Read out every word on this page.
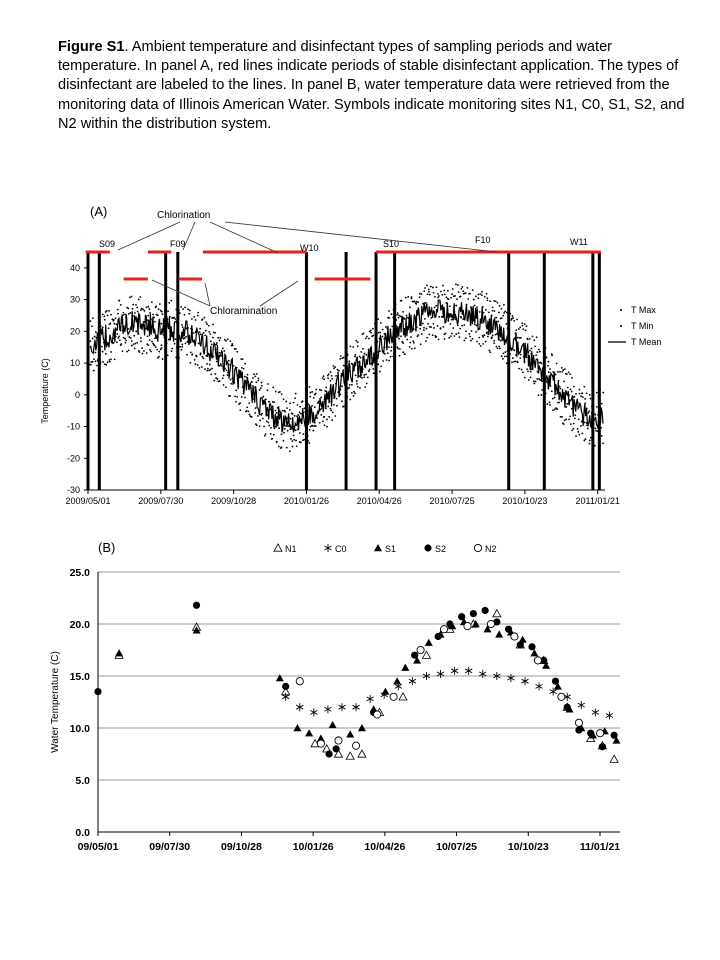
Figure S1. Ambient temperature and disinfectant types of sampling periods and water temperature. In panel A, red lines indicate periods of stable disinfectant application. The types of disinfectant are labeled to the lines. In panel B, water temperature data were retrieved from the monitoring data of Illinois American Water. Symbols indicate monitoring sites N1, C0, S1, S2, and N2 within the distribution system.
(A)
40
30
20
10
0
-10
-20
-30
2009/05/01	2009/07/30	2009/10/28	2010/01/26	2010/04/26	2010/07/25	2010/10/23	2011/01/21
Temperature (C)
S09	F09	W10	S10	F10	W11
Chlorination
Chloramination	T Max
T Min
T Mean
(B)
25.0
20.0
15.0
10.0
5.0
0.0
09/05/01	09/07/30	09/10/28	10/01/26	10/04/26	10/07/25	10/10/23	11/01/21
Water Temperature (C)
N1	C0	S1	S2	N2
